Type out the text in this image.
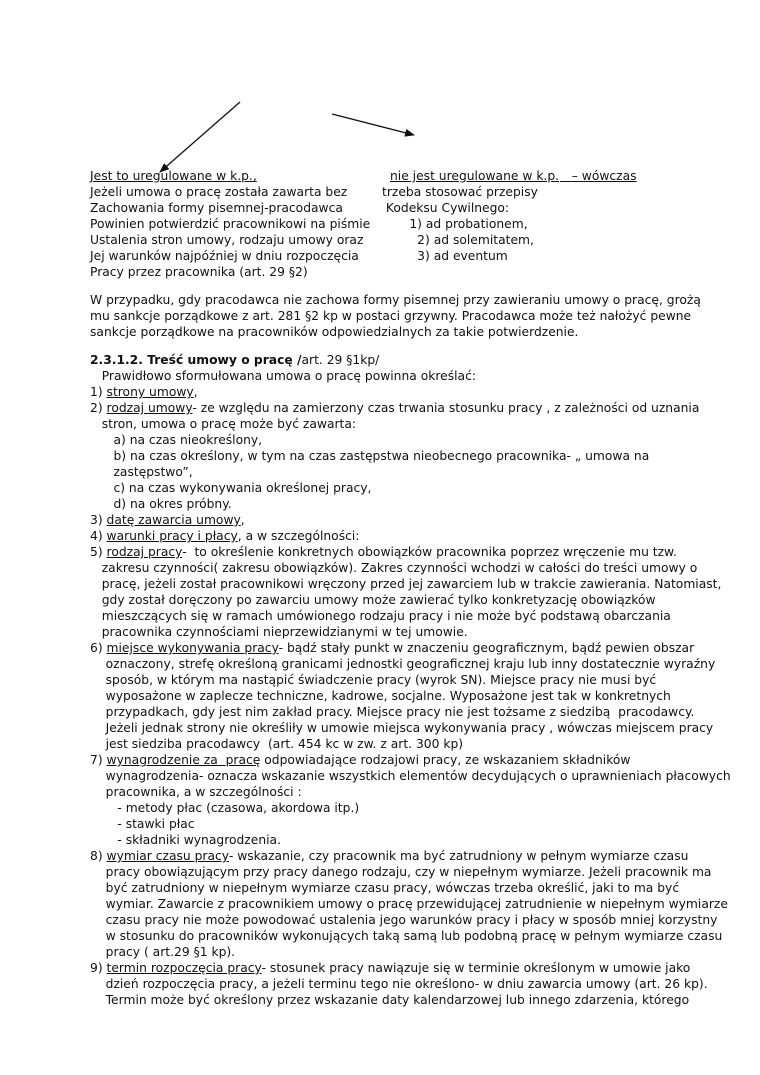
Jest to uregulowane w k.p.,
Jeżeli umowa o pracę została zawarta bez
Zachowania formy pisemnej-pracodawca
Powinien potwierdzić pracownikowi na piśmie
Ustalenia stron umowy, rodzaju umowy oraz
Jej warunków najpóźniej w dniu rozpoczęcia
Pracy przez pracownika (art. 29 §2)
nie jest uregulowane w k.p.   – wówczas
trzeba stosować przepisy
Kodeksu Cywilnego:
1) ad probationem,
2) ad solemitatem,
3) ad eventum
W przypadku, gdy pracodawca nie zachowa formy pisemnej przy zawieraniu umowy o pracę, grożą
mu sankcje porządkowe z art. 281 §2 kp w postaci grzywny. Pracodawca może też nałożyć pewne
sankcje porządkowe na pracowników odpowiedzialnych za takie potwierdzenie.
2.3.1.2. Treść umowy o pracę /art. 29 §1kp/
Prawidłowo sformułowana umowa o pracę powinna określać:
1) strony umowy,
2) rodzaj umowy- ze względu na zamierzony czas trwania stosunku pracy , z zależności od uznania
stron, umowa o pracę może być zawarta:
a) na czas nieokreślony,
b) na czas określony, w tym na czas zastępstwa nieobecnego pracownika- „ umowa na
zastępstwo”,
c) na czas wykonywania określonej pracy,
d) na okres próbny.
3) datę zawarcia umowy,
4) warunki pracy i płacy, a w szczególności:
5) rodzaj pracy-  to określenie konkretnych obowiązków pracownika poprzez wręczenie mu tzw.
zakresu czynności( zakresu obowiązków). Zakres czynności wchodzi w całości do treści umowy o
pracę, jeżeli został pracownikowi wręczony przed jej zawarciem lub w trakcie zawierania. Natomiast,
gdy został doręczony po zawarciu umowy może zawierać tylko konkretyzację obowiązków
mieszczących się w ramach umówionego rodzaju pracy i nie może być podstawą obarczania
pracownika czynnościami nieprzewidzianymi w tej umowie.
6) miejsce wykonywania pracy- bądź stały punkt w znaczeniu geograficznym, bądź pewien obszar
oznaczony, strefę określoną granicami jednostki geograficznej kraju lub inny dostatecznie wyraźny
sposób, w którym ma nastąpić świadczenie pracy (wyrok SN). Miejsce pracy nie musi być
wyposażone w zaplecze techniczne, kadrowe, socjalne. Wyposażone jest tak w konkretnych
przypadkach, gdy jest nim zakład pracy. Miejsce pracy nie jest tożsame z siedzibą  pracodawcy.
Jeżeli jednak strony nie określiły w umowie miejsca wykonywania pracy , wówczas miejscem pracy
jest siedziba pracodawcy  (art. 454 kc w zw. z art. 300 kp)
7) wynagrodzenie za  pracę odpowiadające rodzajowi pracy, ze wskazaniem składników
wynagrodzenia- oznacza wskazanie wszystkich elementów decydujących o uprawnieniach płacowych
pracownika, a w szczególności :
- metody płac (czasowa, akordowa itp.)
- stawki płac
- składniki wynagrodzenia.
8) wymiar czasu pracy- wskazanie, czy pracownik ma być zatrudniony w pełnym wymiarze czasu
pracy obowiązującym przy pracy danego rodzaju, czy w niepełnym wymiarze. Jeżeli pracownik ma
być zatrudniony w niepełnym wymiarze czasu pracy, wówczas trzeba określić, jaki to ma być
wymiar. Zawarcie z pracownikiem umowy o pracę przewidującej zatrudnienie w niepełnym wymiarze
czasu pracy nie może powodować ustalenia jego warunków pracy i płacy w sposób mniej korzystny
w stosunku do pracowników wykonujących taką samą lub podobną pracę w pełnym wymiarze czasu
pracy ( art.29 §1 kp).
9) termin rozpoczęcia pracy- stosunek pracy nawiązuje się w terminie określonym w umowie jako
dzień rozpoczęcia pracy, a jeżeli terminu tego nie określono- w dniu zawarcia umowy (art. 26 kp).
Termin może być określony przez wskazanie daty kalendarzowej lub innego zdarzenia, którego
